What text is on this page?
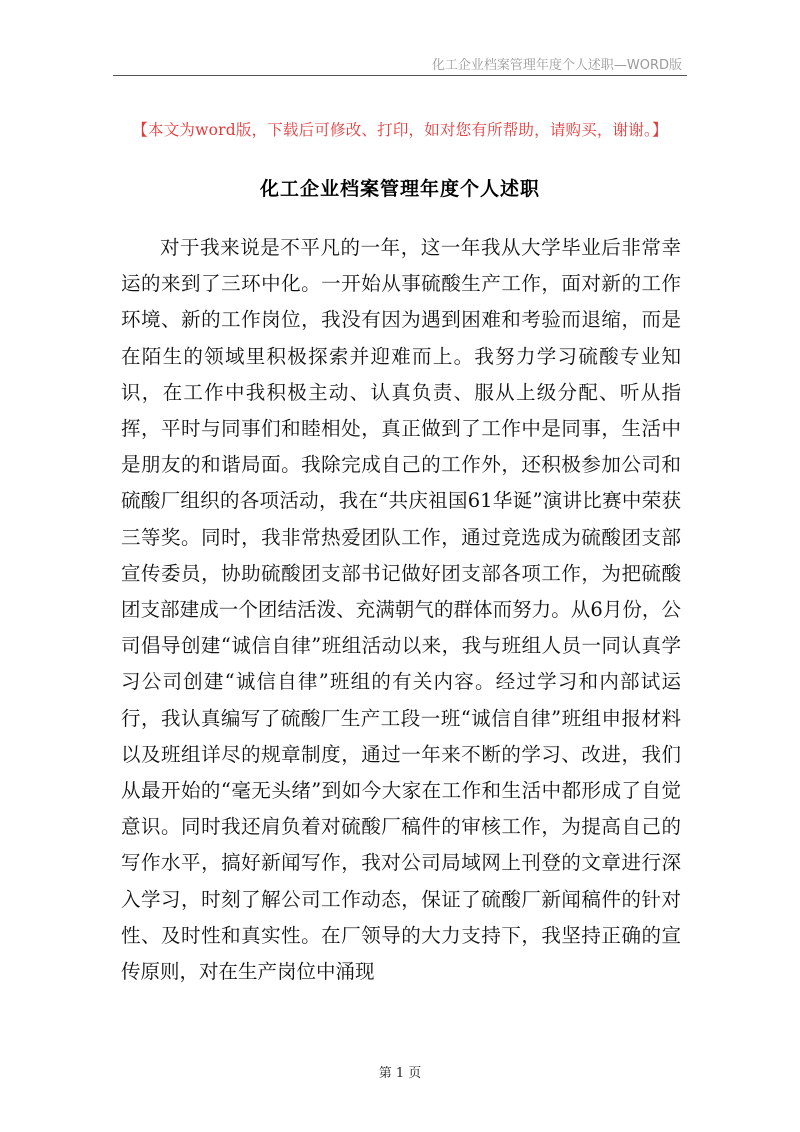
化工企业档案管理年度个人述职—WORD版
【本文为word版，下载后可修改、打印，如对您有所帮助，请购买，谢谢。】
化工企业档案管理年度个人述职
对于我来说是不平凡的一年，这一年我从大学毕业后非常幸运的来到了三环中化。一开始从事硫酸生产工作，面对新的工作环境、新的工作岗位，我没有因为遇到困难和考验而退缩，而是在陌生的领域里积极探索并迎难而上。我努力学习硫酸专业知识，在工作中我积极主动、认真负责、服从上级分配、听从指挥，平时与同事们和睦相处，真正做到了工作中是同事，生活中是朋友的和谐局面。我除完成自己的工作外，还积极参加公司和硫酸厂组织的各项活动，我在“共庆祖国61华诞”演讲比赛中荣获三等奖。同时，我非常热爱团队工作，通过竞选成为硫酸团支部宣传委员，协助硫酸团支部书记做好团支部各项工作，为把硫酸团支部建成一个团结活泼、充满朝气的群体而努力。从6月份，公司倡导创建“诚信自律”班组活动以来，我与班组人员一同认真学习公司创建“诚信自律”班组的有关内容。经过学习和内部试运行，我认真编写了硫酸厂生产工段一班“诚信自律”班组申报材料以及班组详尽的规章制度，通过一年来不断的学习、改进，我们从最开始的“毫无头绪”到如今大家在工作和生活中都形成了自觉意识。同时我还肩负着对硫酸厂稿件的审核工作，为提高自己的写作水平，搞好新闻写作，我对公司局域网上刊登的文章进行深入学习，时刻了解公司工作动态，保证了硫酸厂新闻稿件的针对性、及时性和真实性。在厂领导的大力支持下，我坚持正确的宣传原则，对在生产岗位中涌现
第 1 页
